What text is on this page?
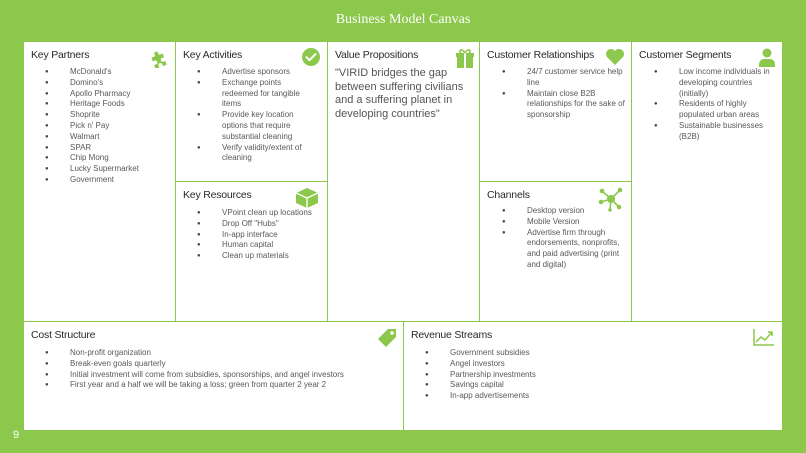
Business Model Canvas
Key Partners
● McDonald's
● Domino's
● Apollo Pharmacy
● Heritage Foods
● Shoprite
● Pick n' Pay
● Walmart
● SPAR
● Chip Mong
● Lucky Supermarket
● Government
Key Activities
● Advertise sponsors
● Exchange points redeemed for tangible items
● Provide key location options that require substantial cleaning
● Verify validity/extent of cleaning
Key Resources
● VPoint clean up locations
● Drop Off "Hubs"
● In-app interface
● Human capital
● Clean up materials
Value Propositions
"VIRID bridges the gap between suffering civilians and a suffering planet in developing countries"
Customer Relationships
● 24/7 customer service help line
● Maintain close B2B relationships for the sake of sponsorship
Channels
● Desktop version
● Mobile Version
● Advertise firm through endorsements, nonprofits, and paid advertising (print and digital)
Customer Segments
● Low income individuals in developing countries (initially)
● Residents of highly populated urban areas
● Sustainable businesses (B2B)
Cost Structure
● Non-profit organization
● Break-even goals quarterly
● Initial investment will come from subsidies, sponsorships, and angel investors
● First year and a half we will be taking a loss; green from quarter 2 year 2
Revenue Streams
● Government subsidies
● Angel investors
● Partnership investments
● Savings capital
● In-app advertisements
9
